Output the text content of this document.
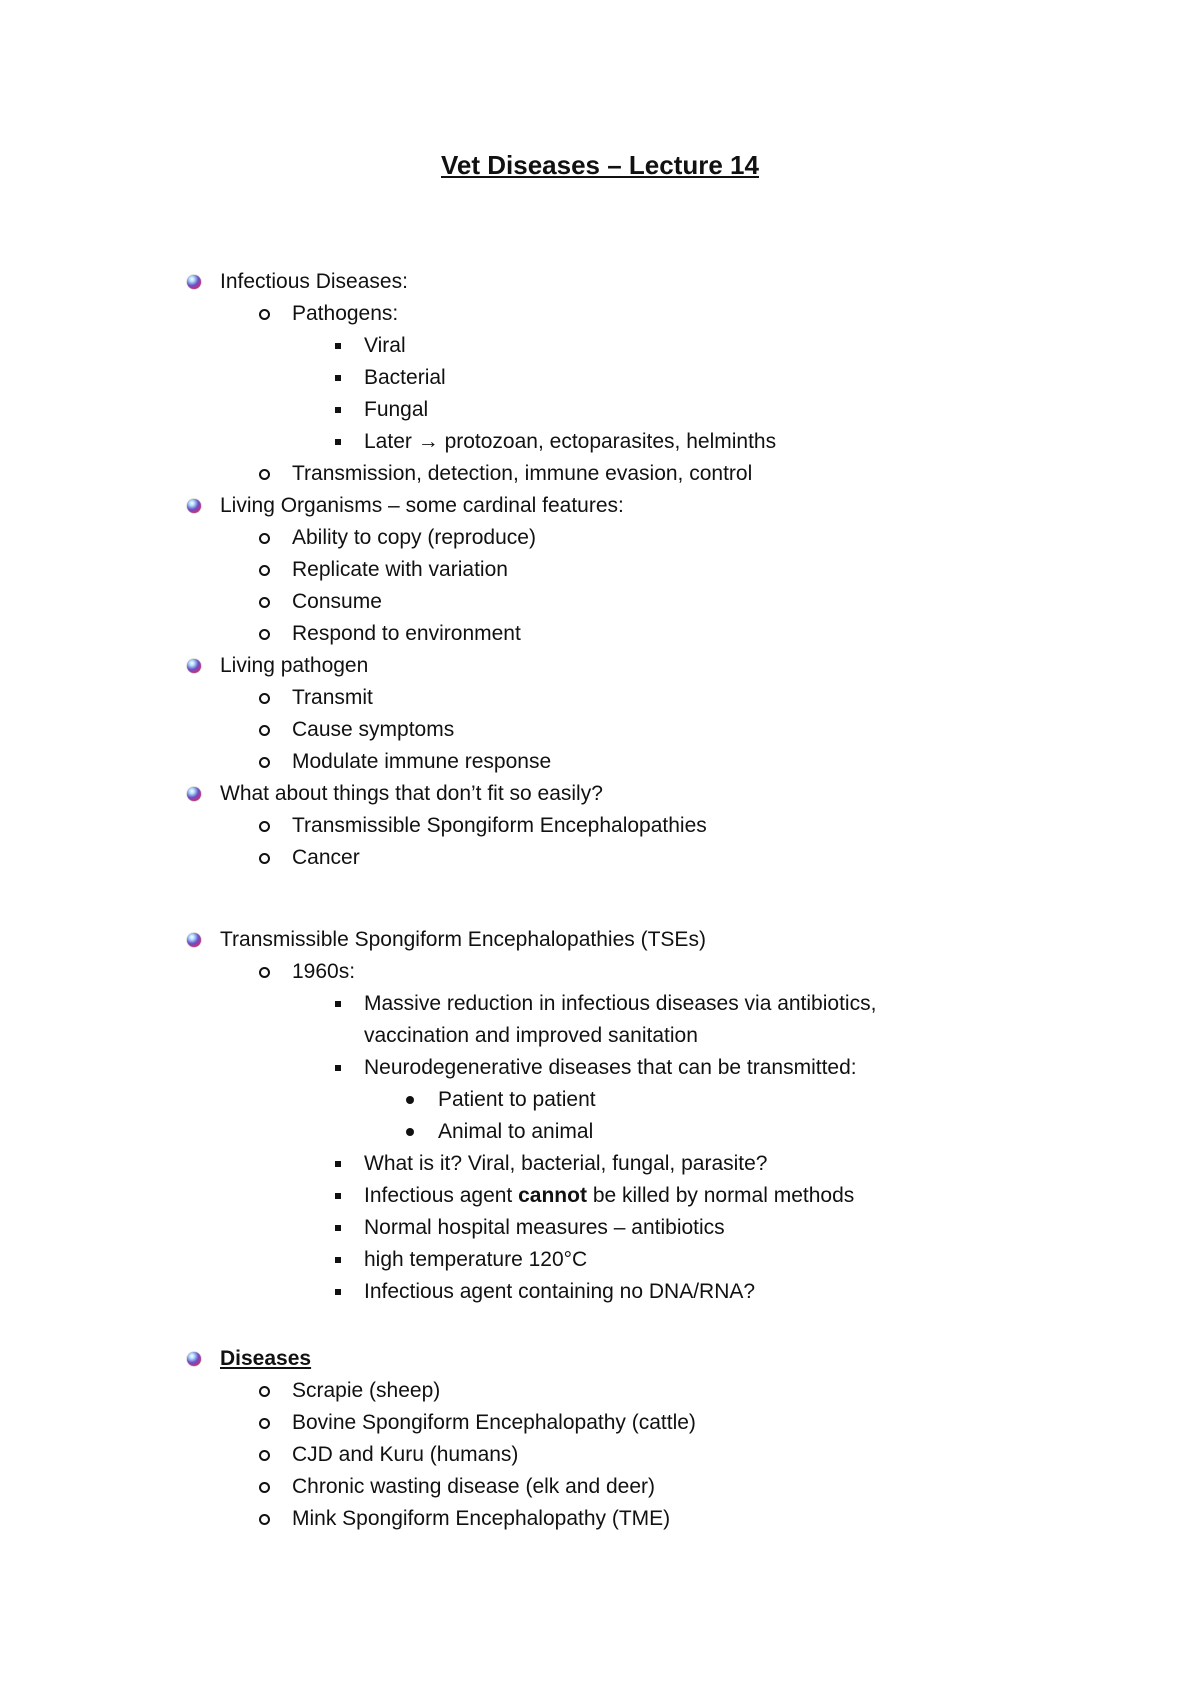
Vet Diseases – Lecture 14
Infectious Diseases:
Pathogens:
Viral
Bacterial
Fungal
Later → protozoan, ectoparasites, helminths
Transmission, detection, immune evasion, control
Living Organisms – some cardinal features:
Ability to copy (reproduce)
Replicate with variation
Consume
Respond to environment
Living pathogen
Transmit
Cause symptoms
Modulate immune response
What about things that don’t fit so easily?
Transmissible Spongiform Encephalopathies
Cancer
Transmissible Spongiform Encephalopathies (TSEs)
1960s:
Massive reduction in infectious diseases via antibiotics,
vaccination and improved sanitation
Neurodegenerative diseases that can be transmitted:
Patient to patient
Animal to animal
What is it? Viral, bacterial, fungal, parasite?
Infectious agent cannot be killed by normal methods
Normal hospital measures – antibiotics
high temperature 120°C
Infectious agent containing no DNA/RNA?
Diseases
Scrapie (sheep)
Bovine Spongiform Encephalopathy (cattle)
CJD and Kuru (humans)
Chronic wasting disease (elk and deer)
Mink Spongiform Encephalopathy (TME)
